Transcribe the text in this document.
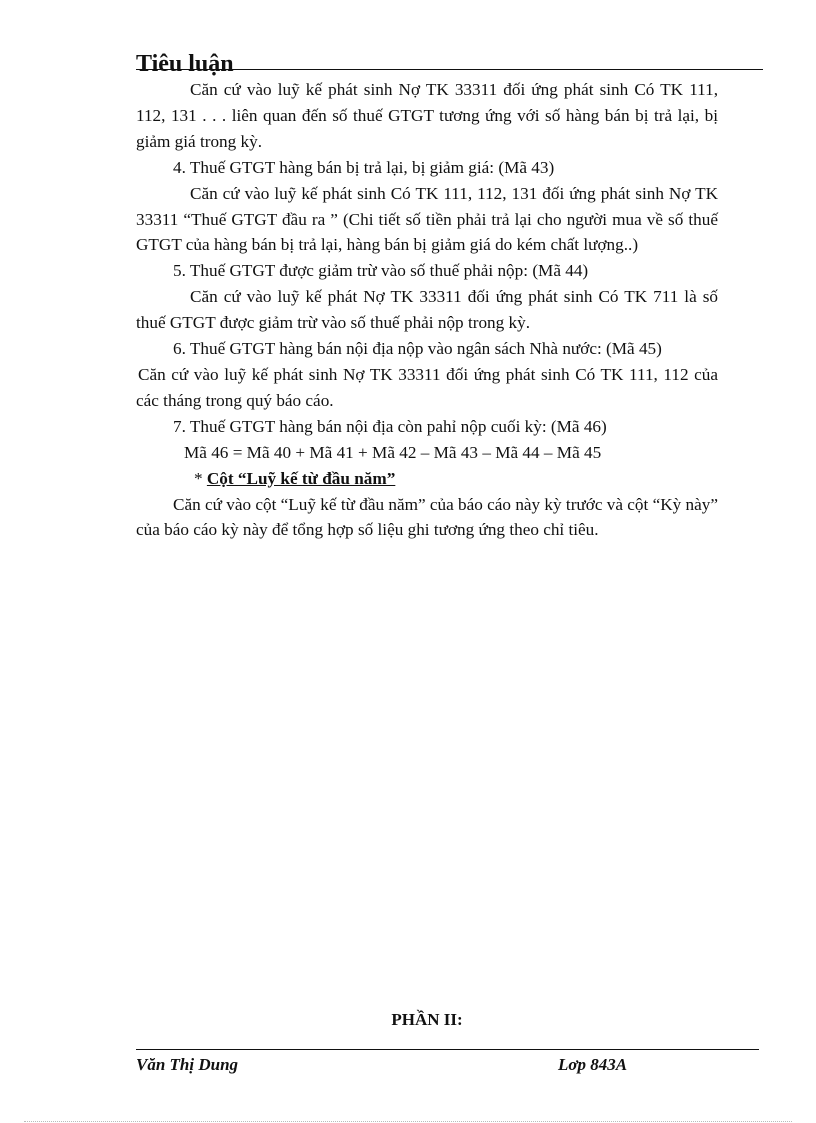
Tiêu luận

Căn cứ vào luỹ kế phát sinh Nợ TK 33311 đối ứng phát sinh Có TK 111, 112, 131 . . . liên quan đến số thuế GTGT tương ứng với số hàng bán bị trả lại, bị giảm giá trong kỳ.

4. Thuế GTGT hàng bán bị trả lại, bị giảm giá: (Mã 43)

Căn cứ vào luỹ kế phát sinh Có TK 111, 112, 131 đối ứng phát sinh Nợ TK 33311 “Thuế GTGT đầu ra ” (Chi tiết số tiền phải trả lại cho người mua về số thuế GTGT của hàng bán bị trả lại, hàng bán bị giảm giá do kém chất lượng..)

5. Thuế GTGT được giảm trừ vào số thuế phải nộp: (Mã 44)

Căn cứ vào luỹ kế phát Nợ TK 33311 đối ứng phát sinh Có TK 711 là số thuế GTGT được giảm trừ vào số thuế phải nộp trong kỳ.

6. Thuế GTGT hàng bán nội địa nộp vào ngân sách Nhà nước: (Mã 45)

Căn cứ vào luỹ kế phát sinh Nợ TK 33311 đối ứng phát sinh Có TK 111, 112 của các tháng trong quý báo cáo.

7. Thuế GTGT hàng bán nội địa còn pahỉ nộp cuối kỳ: (Mã 46)

Mã 46 = Mã 40 + Mã 41 + Mã 42 – Mã 43 – Mã 44 – Mã 45

* Cột “Luỹ kế từ đầu năm”

Căn cứ vào cột “Luỹ kế từ đầu năm” của báo cáo này kỳ trước và cột “Kỳ này” của báo cáo kỳ này để tổng hợp số liệu ghi tương ứng theo chỉ tiêu.

PHẦN II:
Văn Thị Dung	Lơp 843A
